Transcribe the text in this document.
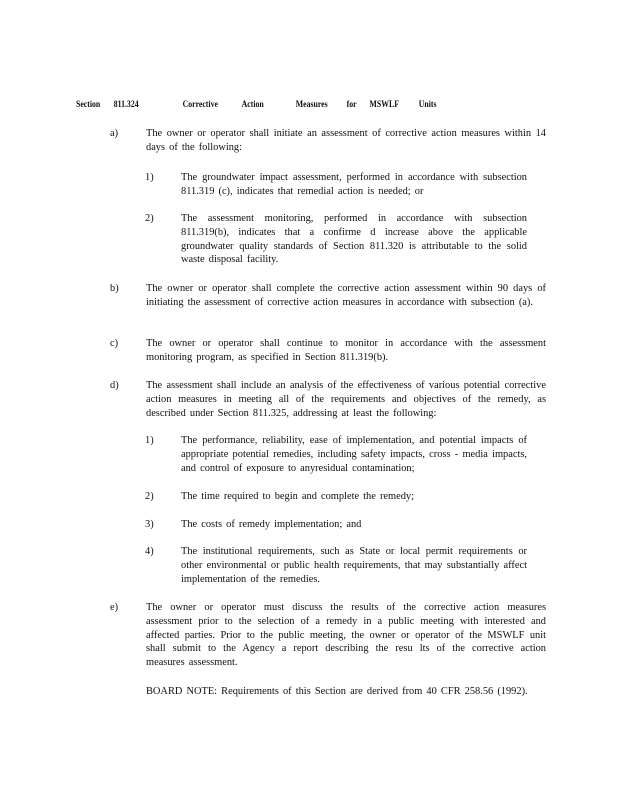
Section 811.324	Corrective Action	Measures for MSWLF Units
a)	The owner or operator shall initiate an assessment of corrective action measures within 14 days of the following:
1)	The groundwater impact assessment, performed in accordance with subsection 811.319 (c), indicates that remedial action is needed; or
2)	The assessment monitoring, performed in accordance with subsection 811.319(b), indicates that a confirme d increase above the applicable groundwater quality standards of Section 811.320 is attributable to the solid waste disposal facility.
b)	The owner or operator shall complete the corrective action assessment within 90 days of initiating the assessment of corrective action measures in accordance with subsection (a).
c)	The owner or operator shall continue to monitor in accordance with the assessment monitoring program, as specified in Section 811.319(b).
d)	The assessment shall include an analysis of the effectiveness of various potential corrective action measures in meeting all of the requirements and objectives of the remedy, as described under Section 811.325, addressing at least the following:
1)	The performance, reliability, ease of implementation, and potential impacts of appropriate potential remedies, including safety impacts, cross - media impacts, and control of exposure to anyresidual contamination;
2)	The time required to begin and complete the remedy;
3)	The costs of remedy implementation; and
4)	The institutional requirements, such as State or local permit requirements or other environmental or public health requirements, that may substantially affect implementation of the remedies.
e)	The owner or operator must discuss the results of the corrective action measures assessment prior to the selection of a remedy in a public meeting with interested and affected parties. Prior to the public meeting, the owner or operator of the MSWLF unit shall submit to the Agency a report describing the resu lts of the corrective action measures assessment.
BOARD NOTE: Requirements of this Section are derived from 40 CFR 258.56 (1992).
